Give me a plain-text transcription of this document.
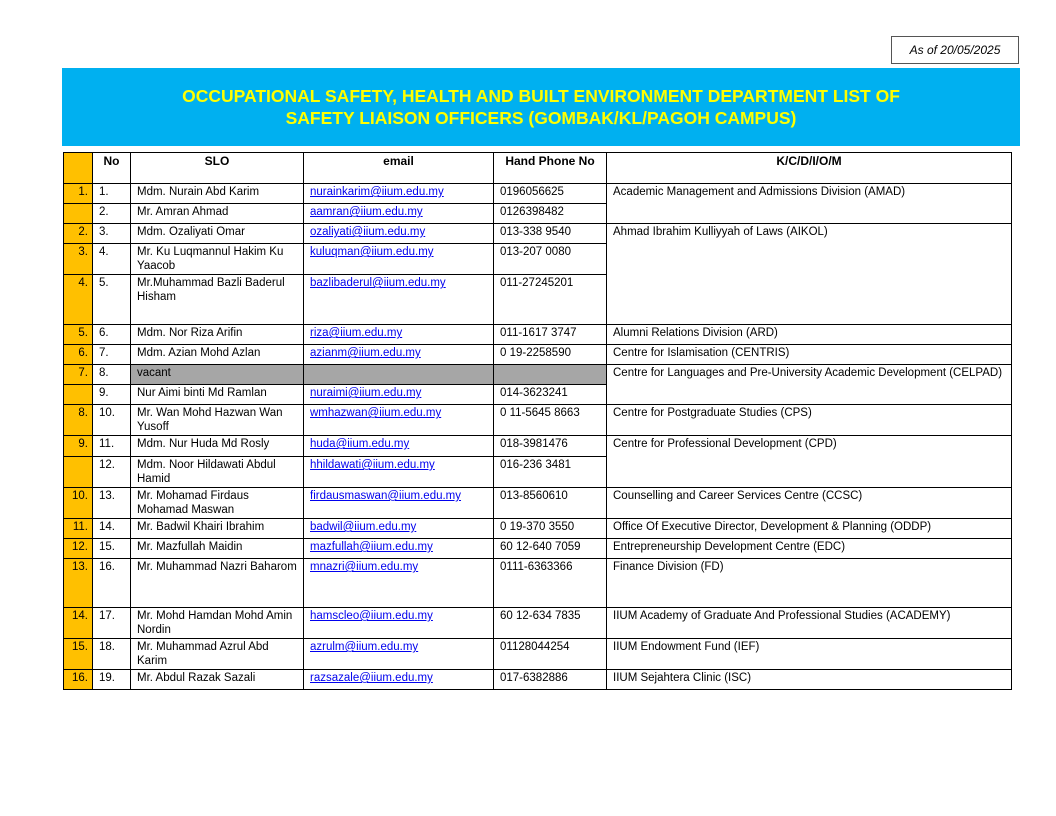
As of 20/05/2025
OCCUPATIONAL SAFETY, HEALTH AND BUILT ENVIRONMENT DEPARTMENT LIST OF
SAFETY LIAISON OFFICERS (GOMBAK/KL/PAGOH CAMPUS)
	No	SLO	email	Hand Phone No	K/C/D/I/O/M
1.	1.	Mdm. Nurain Abd Karim	nurainkarim@iium.edu.my	0196056625	Academic Management and Admissions Division (AMAD)
	2.	Mr. Amran Ahmad	aamran@iium.edu.my	0126398482	
2.	3.	Mdm. Ozaliyati Omar	ozaliyati@iium.edu.my	013-338 9540	Ahmad Ibrahim Kulliyyah of Laws (AIKOL)
3.	4.	Mr. Ku Luqmannul Hakim Ku Yaacob	kuluqman@iium.edu.my	013-207 0080	
4.	5.	Mr.Muhammad Bazli Baderul Hisham	bazlibaderul@iium.edu.my	011-27245201	
5.	6.	Mdm. Nor Riza Arifin	riza@iium.edu.my	011-1617 3747	Alumni Relations Division (ARD)
6.	7.	Mdm. Azian Mohd Azlan	azianm@iium.edu.my	0 19-2258590	Centre for Islamisation (CENTRIS)
7.	8.	vacant			Centre for Languages and Pre-University Academic Development (CELPAD)
	9.	Nur Aimi binti Md Ramlan	nuraimi@iium.edu.my	014-3623241	
8.	10.	Mr. Wan Mohd Hazwan Wan Yusoff	wmhazwan@iium.edu.my	0 11-5645 8663	Centre for Postgraduate Studies (CPS)
9.	11.	Mdm. Nur Huda Md Rosly	huda@iium.edu.my	018-3981476	Centre for Professional Development (CPD)
	12.	Mdm. Noor Hildawati Abdul Hamid	hhildawati@iium.edu.my	016-236 3481	
10.	13.	Mr. Mohamad Firdaus Mohamad Maswan	firdausmaswan@iium.edu.my	013-8560610	Counselling and Career Services Centre (CCSC)
11.	14.	Mr. Badwil Khairi Ibrahim	badwil@iium.edu.my	0 19-370 3550	Office Of Executive Director, Development & Planning (ODDP)
12.	15.	Mr. Mazfullah Maidin	mazfullah@iium.edu.my	60 12-640 7059	Entrepreneurship Development Centre (EDC)
13.	16.	Mr. Muhammad Nazri Baharom	mnazri@iium.edu.my	0111-6363366	Finance Division (FD)
14.	17.	Mr. Mohd Hamdan Mohd Amin Nordin	hamscleo@iium.edu.my	60 12-634 7835	IIUM Academy of Graduate And Professional Studies (ACADEMY)
15.	18.	Mr. Muhammad Azrul Abd Karim	azrulm@iium.edu.my	01128044254	IIUM Endowment Fund (IEF)
16.	19.	Mr. Abdul Razak Sazali	razsazale@iium.edu.my	017-6382886	IIUM Sejahtera Clinic (ISC)
